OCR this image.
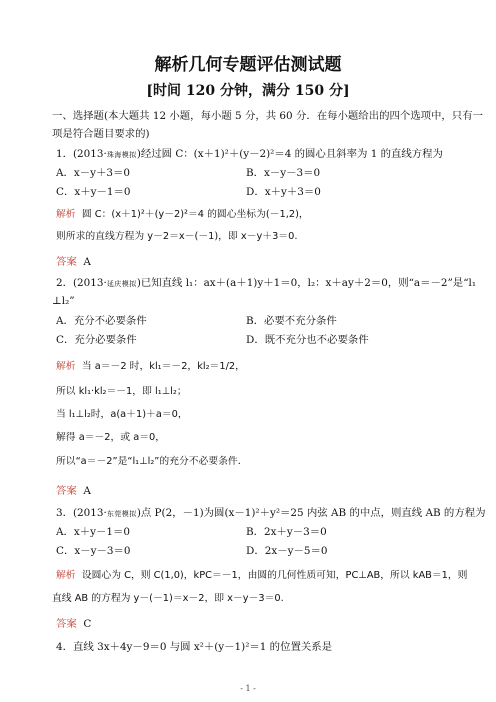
解析几何专题评估测试题
[时间 120 分钟，满分 150 分]
一、选择题(本大题共 12 小题，每小题 5 分，共 60 分．在每小题给出的四个选项中，只有一
项是符合题目要求的)
1．(2013·珠海模拟)经过圆 C：(x＋1)²＋(y－2)²＝4 的圆心且斜率为 1 的直线方程为
A．x－y＋3＝0	B．x－y－3＝0
C．x＋y－1＝0	D．x＋y＋3＝0
解析 圆 C：(x＋1)²＋(y－2)²＝4 的圆心坐标为(－1,2)，
则所求的直线方程为 y－2＝x－(－1)，即 x－y＋3＝0.
答案 A
2．(2013·延庆模拟)已知直线 l₁：ax＋(a＋1)y＋1＝0，l₂：x＋ay＋2＝0，则“a＝－2”是“l₁
⊥l₂”
A．充分不必要条件	B．必要不充分条件
C．充分必要条件	D．既不充分也不必要条件
解析 当 a＝－2 时，kl₁＝－2，kl₂＝1/2，
所以 kl₁·kl₂＝－1，即 l₁⊥l₂；
当 l₁⊥l₂时，a(a＋1)＋a＝0，
解得 a＝－2，或 a＝0，
所以“a＝－2”是“l₁⊥l₂”的充分不必要条件．
答案 A
3．(2013·东莞模拟)点 P(2，－1)为圆(x－1)²＋y²＝25 内弦 AB 的中点，则直线 AB 的方程为
A．x＋y－1＝0	B．2x＋y－3＝0
C．x－y－3＝0	D．2x－y－5＝0
解析 设圆心为 C，则 C(1,0)，kPC＝－1，由圆的几何性质可知，PC⊥AB，所以 kAB＝1，则
直线 AB 的方程为 y－(－1)＝x－2，即 x－y－3＝0.
答案 C
4．直线 3x＋4y－9＝0 与圆 x²＋(y－1)²＝1 的位置关系是
- 1 -
